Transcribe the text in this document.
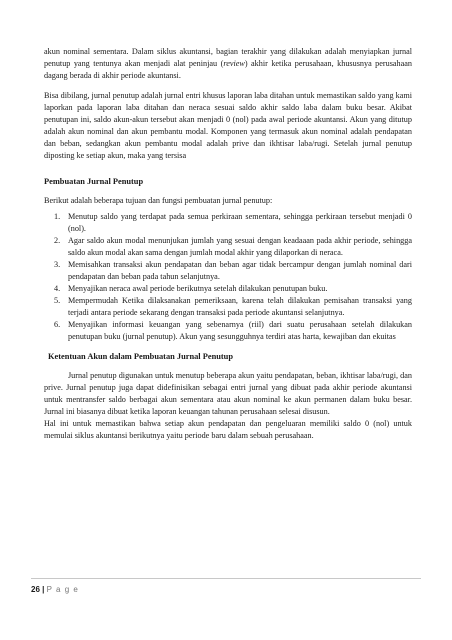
akun nominal sementara. Dalam siklus akuntansi, bagian terakhir yang dilakukan adalah menyiapkan jurnal penutup yang tentunya akan menjadi alat peninjau (review) akhir ketika perusahaan, khususnya perusahaan dagang berada di akhir periode akuntansi.

Bisa dibilang, jurnal penutup adalah jurnal entri khusus laporan laba ditahan untuk memastikan saldo yang kami laporkan pada laporan laba ditahan dan neraca sesuai saldo akhir saldo laba dalam buku besar. Akibat penutupan ini, saldo akun-akun tersebut akan menjadi 0 (nol) pada awal periode akuntansi. Akun yang ditutup adalah akun nominal dan akun pembantu modal. Komponen yang termasuk akun nominal adalah pendapatan dan beban, sedangkan akun pembantu modal adalah prive dan ikhtisar laba/rugi. Setelah jurnal penutup diposting ke setiap akun, maka yang tersisa

Pembuatan Jurnal Penutup

Berikut adalah beberapa tujuan dan fungsi pembuatan jurnal penutup:

1. Menutup saldo yang terdapat pada semua perkiraan sementara, sehingga perkiraan tersebut menjadi 0 (nol).
2. Agar saldo akun modal menunjukan jumlah yang sesuai dengan keadaaan pada akhir periode, sehingga saldo akun modal akan sama dengan jumlah modal akhir yang dilaporkan di neraca.
3. Memisahkan transaksi akun pendapatan dan beban agar tidak bercampur dengan jumlah nominal dari pendapatan dan beban pada tahun selanjutnya.
4. Menyajikan neraca awal periode berikutnya setelah dilakukan penutupan buku.
5. Mempermudah Ketika dilaksanakan pemeriksaan, karena telah dilakukan pemisahan transaksi yang terjadi antara periode sekarang dengan transaksi pada periode akuntansi selanjutnya.
6. Menyajikan informasi keuangan yang sebenarnya (riil) dari suatu perusahaan setelah dilakukan penutupan buku (jurnal penutup). Akun yang sesungguhnya terdiri atas harta, kewajiban dan ekuitas
Ketentuan Akun dalam Pembuatan Jurnal Penutup

Jurnal penutup digunakan untuk menutup beberapa akun yaitu pendapatan, beban, ikhtisar laba/rugi, dan prive. Jurnal penutup juga dapat didefinisikan sebagai entri jurnal yang dibuat pada akhir periode akuntansi untuk mentransfer saldo berbagai akun sementara atau akun nominal ke akun permanen dalam buku besar. Jurnal ini biasanya dibuat ketika laporan keuangan tahunan perusahaan selesai disusun.

Hal ini untuk memastikan bahwa setiap akun pendapatan dan pengeluaran memiliki saldo 0 (nol) untuk memulai siklus akuntansi berikutnya yaitu periode baru dalam sebuah perusahaan.

26 | P a g e
